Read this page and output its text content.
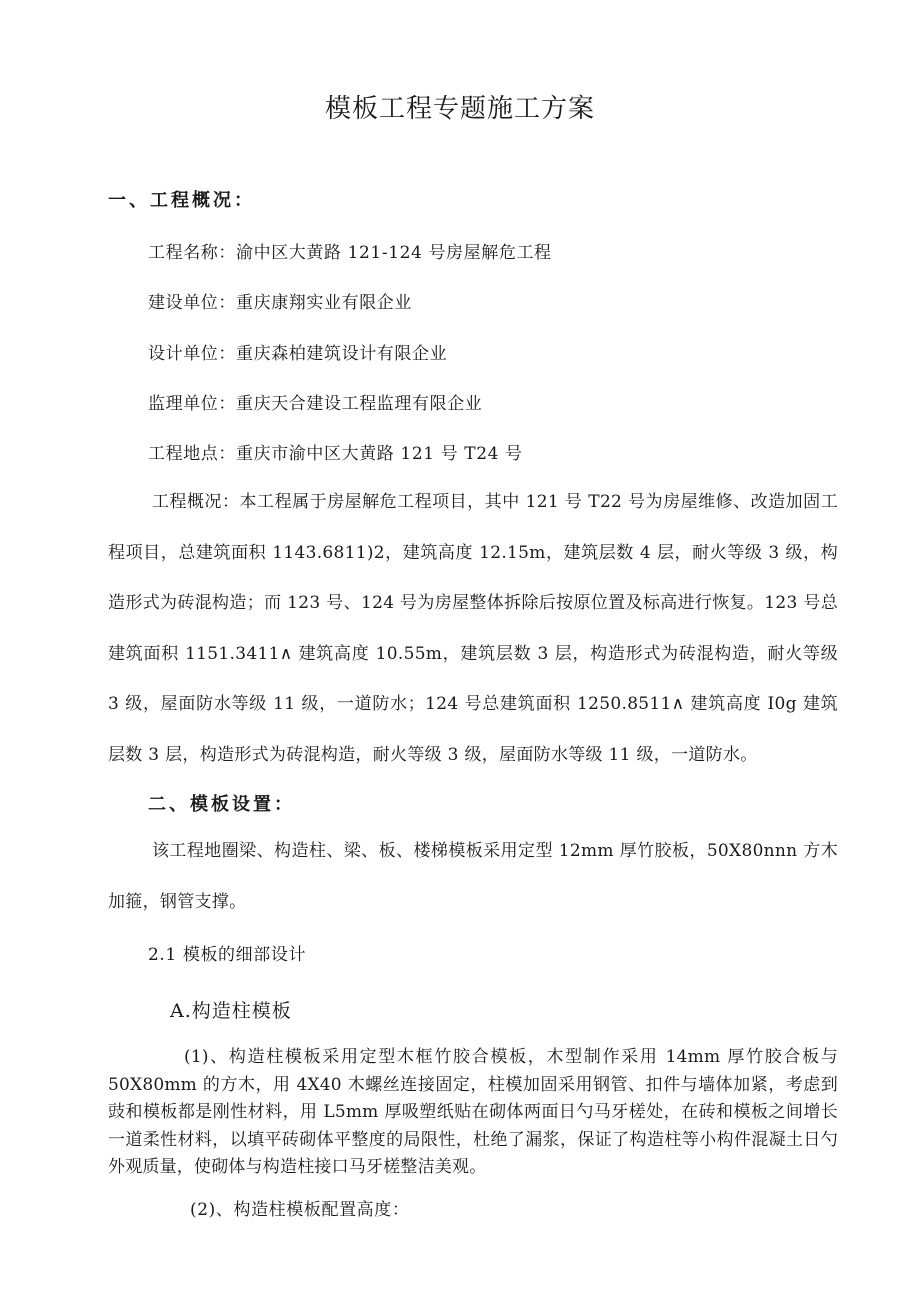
模板工程专题施工方案
一、工程概况：
工程名称：渝中区大黄路 121-124 号房屋解危工程
建设单位：重庆康翔实业有限企业
设计单位：重庆森柏建筑设计有限企业
监理单位：重庆天合建设工程监理有限企业
工程地点：重庆市渝中区大黄路 121 号 T24 号
工程概况：本工程属于房屋解危工程项目，其中 121 号 T22 号为房屋维修、改造加固工程项目，总建筑面积 1143.6811)2，建筑高度 12.15m，建筑层数 4 层，耐火等级 3 级，构造形式为砖混构造；而 123 号、124 号为房屋整体拆除后按原位置及标高进行恢复。123 号总建筑面积 1151.3411∧ 建筑高度 10.55m，建筑层数 3 层，构造形式为砖混构造，耐火等级 3 级，屋面防水等级 11 级，一道防水；124 号总建筑面积 1250.8511∧ 建筑高度 I0g 建筑层数 3 层，构造形式为砖混构造，耐火等级 3 级，屋面防水等级 11 级，一道防水。
二、模板设置：
该工程地圈梁、构造柱、梁、板、楼梯模板采用定型 12mm 厚竹胶板，50X80nnn 方木加箍，钢管支撑。
2.1 模板的细部设计
A.构造柱模板
(1)、构造柱模板采用定型木框竹胶合模板，木型制作采用 14mm 厚竹胶合板与 50X80mm 的方木，用 4X40 木螺丝连接固定，柱模加固采用钢管、扣件与墙体加紧，考虑到豉和模板都是刚性材料，用 L5mm 厚吸塑纸贴在砌体两面日勺马牙槎处，在砖和模板之间增长一道柔性材料，以填平砖砌体平整度的局限性，杜绝了漏浆，保证了构造柱等小构件混凝土日勺外观质量，使砌体与构造柱接口马牙槎整洁美观。
(2)、构造柱模板配置高度：
